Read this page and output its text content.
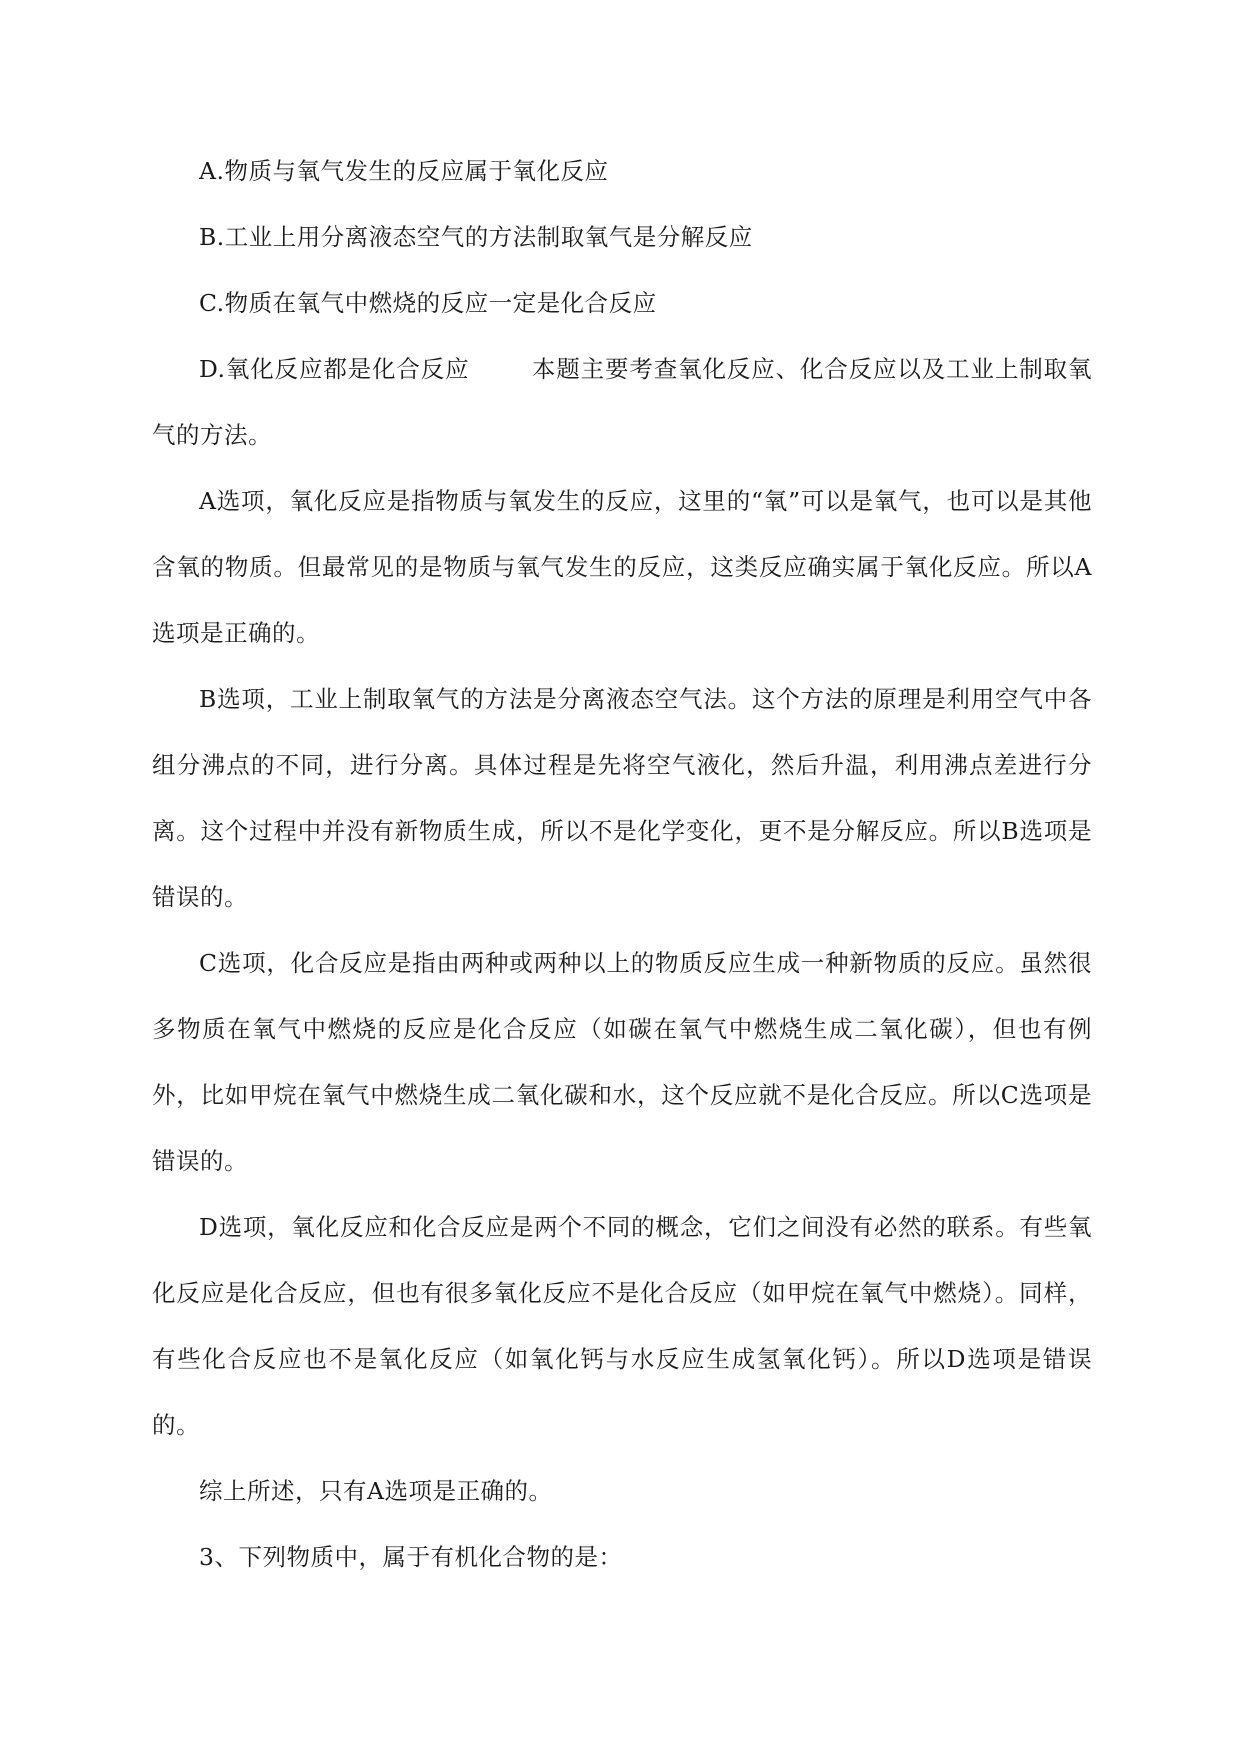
A.物质与氧气发生的反应属于氧化反应

B.工业上用分离液态空气的方法制取氧气是分解反应

C.物质在氧气中燃烧的反应一定是化合反应

D.氧化反应都是化合反应	本题主要考查氧化反应、化合反应以及工业上制取氧气的方法。

A选项，氧化反应是指物质与氧发生的反应，这里的“氧”可以是氧气，也可以是其他含氧的物质。但最常见的是物质与氧气发生的反应，这类反应确实属于氧化反应。所以A选项是正确的。

B选项，工业上制取氧气的方法是分离液态空气法。这个方法的原理是利用空气中各组分沸点的不同，进行分离。具体过程是先将空气液化，然后升温，利用沸点差进行分离。这个过程中并没有新物质生成，所以不是化学变化，更不是分解反应。所以B选项是错误的。

C选项，化合反应是指由两种或两种以上的物质反应生成一种新物质的反应。虽然很多物质在氧气中燃烧的反应是化合反应（如碳在氧气中燃烧生成二氧化碳），但也有例外，比如甲烷在氧气中燃烧生成二氧化碳和水，这个反应就不是化合反应。所以C选项是错误的。

D选项，氧化反应和化合反应是两个不同的概念，它们之间没有必然的联系。有些氧化反应是化合反应，但也有很多氧化反应不是化合反应（如甲烷在氧气中燃烧）。同样，有些化合反应也不是氧化反应（如氧化钙与水反应生成氢氧化钙）。所以D选项是错误的。

综上所述，只有A选项是正确的。

3、下列物质中，属于有机化合物的是：
